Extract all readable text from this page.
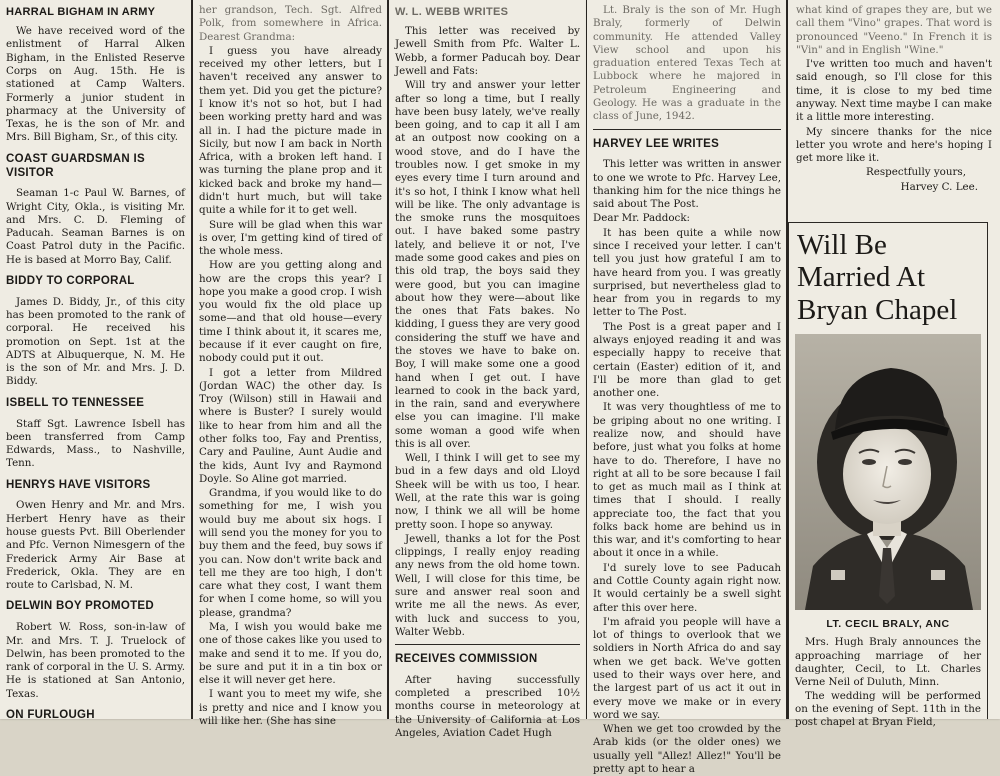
HARRAL BIGHAM IN ARMY

We have received word of the enlistment of Harral Alken Bigham, in the Enlisted Reserve Corps on Aug. 15th. He is stationed at Camp Walters. Formerly a junior student in pharmacy at the University of Texas, he is the son of Mr. and Mrs. Bill Bigham, Sr., of this city.

COAST GUARDSMAN IS VISITOR

Seaman 1-c Paul W. Barnes, of Wright City, Okla., is visiting Mr. and Mrs. C. D. Fleming of Paducah. Seaman Barnes is on Coast Patrol duty in the Pacific. He is based at Morro Bay, Calif.

BIDDY TO CORPORAL

James D. Biddy, Jr., of this city has been promoted to the rank of corporal. He received his promotion on Sept. 1st at the ADTS at Albuquerque, N. M. He is the son of Mr. and Mrs. J. D. Biddy.

ISBELL TO TENNESSEE

Staff Sgt. Lawrence Isbell has been transferred from Camp Edwards, Mass., to Nashville, Tenn.

HENRYS HAVE VISITORS

Owen Henry and Mr. and Mrs. Herbert Henry have as their house guests Pvt. Bill Oberlender and Pfc. Vernon Nimesgern of the Frederick Army Air Base at Frederick, Okla. They are en route to Carlsbad, N. M.

DELWIN BOY PROMOTED

Robert W. Ross, son-in-law of Mr. and Mrs. T. J. Truelock of Delwin, has been promoted to the rank of corporal in the U. S. Army. He is stationed at San Antonio, Texas.

ON FURLOUGH

her grandson, Tech. Sgt. Alfred Polk, from somewhere in Africa. Dearest Grandma:

I guess you have already received my other letters, but I haven't received any answer to them yet. Did you get the picture? I know it's not so hot, but I had been working pretty hard and was all in. I had the picture made in Sicily, but now I am back in North Africa, with a broken left hand. I was turning the plane prop and it kicked back and broke my hand—didn't hurt much, but will take quite a while for it to get well.

Sure will be glad when this war is over, I'm getting kind of tired of the whole mess.

How are you getting along and how are the crops this year? I hope you make a good crop. I wish you would fix the old place up some—and that old house—every time I think about it, it scares me, because if it ever caught on fire, nobody could put it out.

I got a letter from Mildred (Jordan WAC) the other day. Is Troy (Wilson) still in Hawaii and where is Buster? I surely would like to hear from him and all the other folks too, Fay and Prentiss, Cary and Pauline, Aunt Audie and the kids, Aunt Ivy and Raymond Doyle. So Aline got married.

Grandma, if you would like to do something for me, I wish you would buy me about six hogs. I will send you the money for you to buy them and the feed, buy sows if you can. Now don't write back and tell me they are too high, I don't care what they cost, I want them for when I come home, so will you please, grandma?

Ma, I wish you would bake me one of those cakes like you used to make and send it to me. If you do, be sure and put it in a tin box or else it will never get here.

I want you to meet my wife, she is pretty and nice and I know you will like her. (She has sine

W. L. WEBB WRITES

This letter was received by Jewell Smith from Pfc. Walter L. Webb, a former Paducah boy. Dear Jewell and Fats:

Will try and answer your letter after so long a time, but I really have been busy lately, we've really been going, and to cap it all I am at an outpost now cooking on a wood stove, and do I have the troubles now. I get smoke in my eyes every time I turn around and it's so hot, I think I know what hell will be like. The only advantage is the smoke runs the mosquitoes out. I have baked some pastry lately, and believe it or not, I've made some good cakes and pies on this old trap, the boys said they were good, but you can imagine about how they were—about like the ones that Fats bakes. No kidding, I guess they are very good considering the stuff we have and the stoves we have to bake on. Boy, I will make some one a good hand when I get out. I have learned to cook in the back yard, in the rain, sand and everywhere else you can imagine. I'll make some woman a good wife when this is all over.

Well, I think I will get to see my bud in a few days and old Lloyd Sheek will be with us too, I hear. Well, at the rate this war is going now, I think we all will be home pretty soon. I hope so anyway.

Jewell, thanks a lot for the Post clippings, I really enjoy reading any news from the old home town. Well, I will close for this time, be sure and answer real soon and write me all the news. As ever, with luck and success to you, Walter Webb.

RECEIVES COMMISSION

After having successfully completed a prescribed 10½ months course in meteorology at the University of California at Los Angeles, Aviation Cadet Hugh

Lt. Braly is the son of Mr. Hugh Braly, formerly of Delwin community. He attended Valley View school and upon his graduation entered Texas Tech at Lubbock where he majored in Petroleum Engineering and Geology. He was a graduate in the class of June, 1942.

HARVEY LEE WRITES

This letter was written in answer to one we wrote to Pfc. Harvey Lee, thanking him for the nice things he said about The Post.

Dear Mr. Paddock:

It has been quite a while now since I received your letter. I can't tell you just how grateful I am to have heard from you. I was greatly surprised, but nevertheless glad to hear from you in regards to my letter to The Post.

The Post is a great paper and I always enjoyed reading it and was especially happy to receive that certain (Easter) edition of it, and I'll be more than glad to get another one.

It was very thoughtless of me to be griping about no one writing. I realize now, and should have before, just what you folks at home have to do. Therefore, I have no right at all to be sore because I fail to get as much mail as I think at times that I should. I really appreciate too, the fact that you folks back home are behind us in this war, and it's comforting to hear about it once in a while.

I'd surely love to see Paducah and Cottle County again right now. It would certainly be a swell sight after this over here.

I'm afraid you people will have a lot of things to overlook that we soldiers in North Africa do and say when we get back. We've gotten used to their ways over here, and the largest part of us act it out in every move we make or in every word we say.

When we get too crowded by the Arab kids (or the older ones) we usually yell "Allez! Allez!" You'll be pretty apt to hear a

what kind of grapes they are, but we call them "Vino" grapes. That word is pronounced "Veeno." In French it is "Vin" and in English "Wine."

I've written too much and haven't said enough, so I'll close for this time, it is close to my bed time anyway. Next time maybe I can make it a little more interesting.

My sincere thanks for the nice letter you wrote and here's hoping I get more like it.

Respectfully yours,

Harvey C. Lee.

Will Be Married At Bryan Chapel
LT. CECIL BRALY, ANC

Mrs. Hugh Braly announces the approaching marriage of her daughter, Cecil, to Lt. Charles Verne Neil of Duluth, Minn.

The wedding will be performed on the evening of Sept. 11th in the post chapel at Bryan Field,
